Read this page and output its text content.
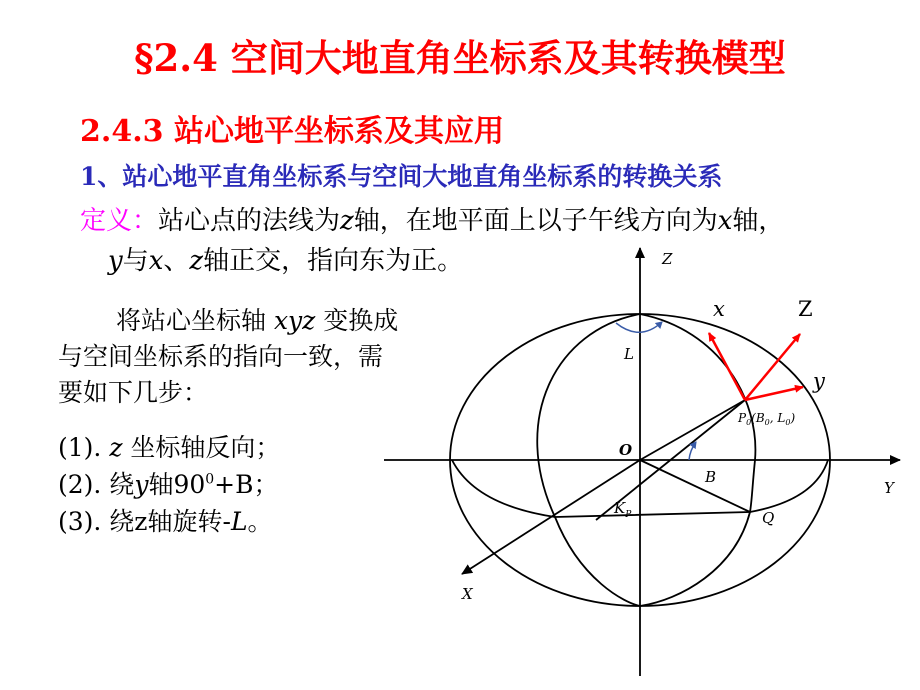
§2.4 空间大地直角坐标系及其转换模型
2.4.3 站心地平坐标系及其应用
1、站心地平直角坐标系与空间大地直角坐标系的转换关系
定义：站心点的法线为z轴，在地平面上以子午线方向为x轴，
y与x、z轴正交，指向东为正。
将站心坐标轴 xyz 变换成与空间坐标系的指向一致，需要如下几步：
(1). z 坐标轴反向；
(2). 绕y轴$90^0+B$；
(3). 绕z轴旋转-L。
Z
X
Y
O
L
B
Q
$K_P$
x	Z
y
$P_0(B_0$, $L_0$)
